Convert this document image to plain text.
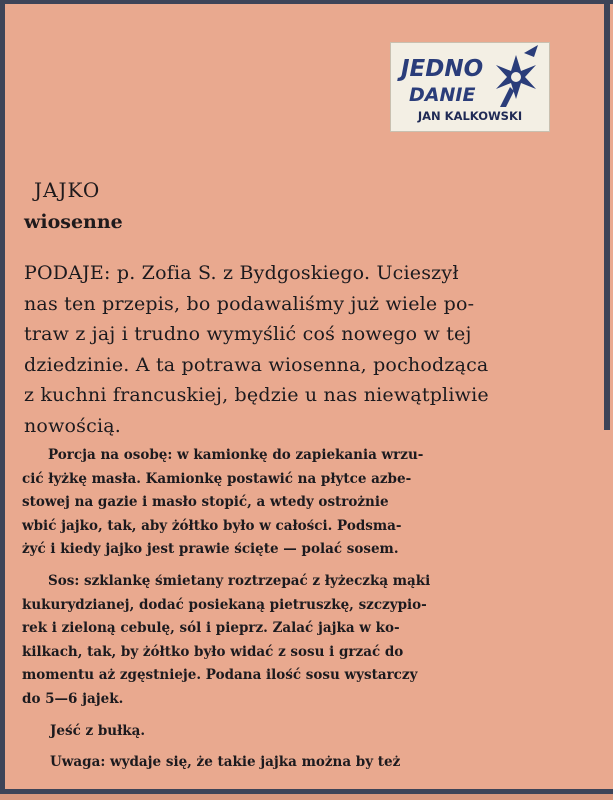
JEDNO
DANIE
JAN KALKOWSKI
JAJKO
wiosenne
PODAJE: p. Zofia S. z Bydgoskiego. Ucieszył
nas ten przepis, bo podawaliśmy już wiele po-
traw z jaj i trudno wymyślić coś nowego w tej
dziedzinie. A ta potrawa wiosenna, pochodząca
z kuchni francuskiej, będzie u nas niewątpliwie
nowością.
Porcja na osobę: w kamionkę do zapiekania wrzu-
cić łyżkę masła. Kamionkę postawić na płytce azbe-
stowej na gazie i masło stopić, a wtedy ostrożnie
wbić jajko, tak, aby żółtko było w całości. Podsma-
żyć i kiedy jajko jest prawie ścięte — polać sosem.
Sos: szklankę śmietany roztrzepać z łyżeczką mąki
kukurydzianej, dodać posiekaną pietruszkę, szczypio-
rek i zieloną cebulę, sól i pieprz. Zalać jajka w ko-
kilkach, tak, by żółtko było widać z sosu i grzać do
momentu aż zgęstnieje. Podana ilość sosu wystarczy
do 5—6 jajek.
Jeść z bułką.
Uwaga: wydaje się, że takie jajka można by też
